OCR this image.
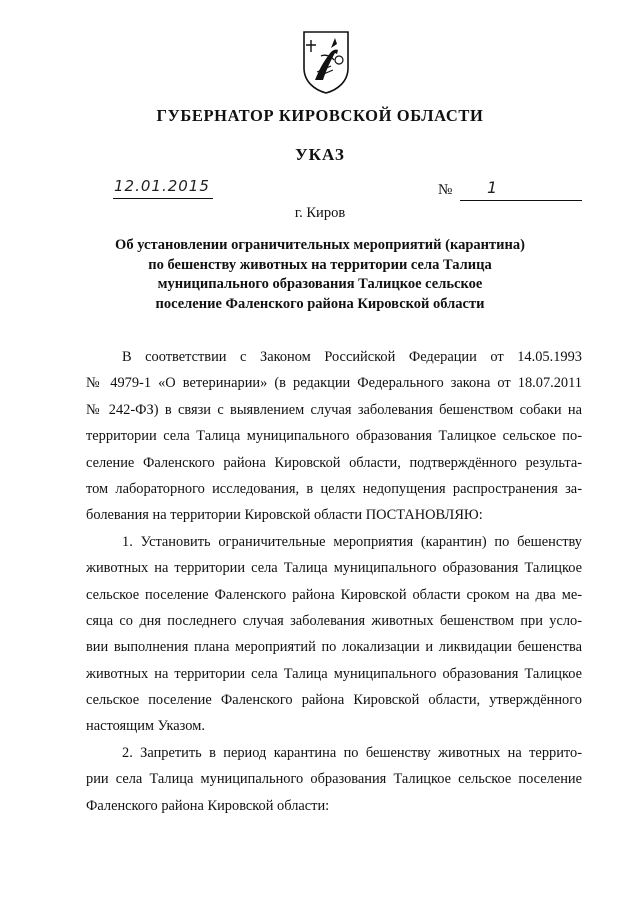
ГУБЕРНАТОР КИРОВСКОЙ ОБЛАСТИ
УКАЗ
12.01.2015	№ 1
г. Киров
Об установлении ограничительных мероприятий (карантина)
по бешенству животных на территории села Талица
муниципального образования Талицкое сельское
поселение Фаленского района Кировской области
В соответствии с Законом Российской Федерации от 14.05.1993
№ 4979-1 «О ветеринарии» (в редакции Федерального закона от 18.07.2011
№ 242-ФЗ) в связи с выявлением случая заболевания бешенством собаки на
территории села Талица муниципального образования Талицкое сельское по-
селение Фаленского района Кировской области, подтверждённого результа-
том лабораторного исследования, в целях недопущения распространения за-
болевания на территории Кировской области ПОСТАНОВЛЯЮ:
1. Установить ограничительные мероприятия (карантин) по бешенству
животных на территории села Талица муниципального образования Талицкое
сельское поселение Фаленского района Кировской области сроком на два ме-
сяца со дня последнего случая заболевания животных бешенством при усло-
вии выполнения плана мероприятий по локализации и ликвидации бешенства
животных на территории села Талица муниципального образования Талицкое
сельское поселение Фаленского района Кировской области, утверждённого
настоящим Указом.
2. Запретить в период карантина по бешенству животных на террито-
рии села Талица муниципального образования Талицкое сельское поселение
Фаленского района Кировской области:
